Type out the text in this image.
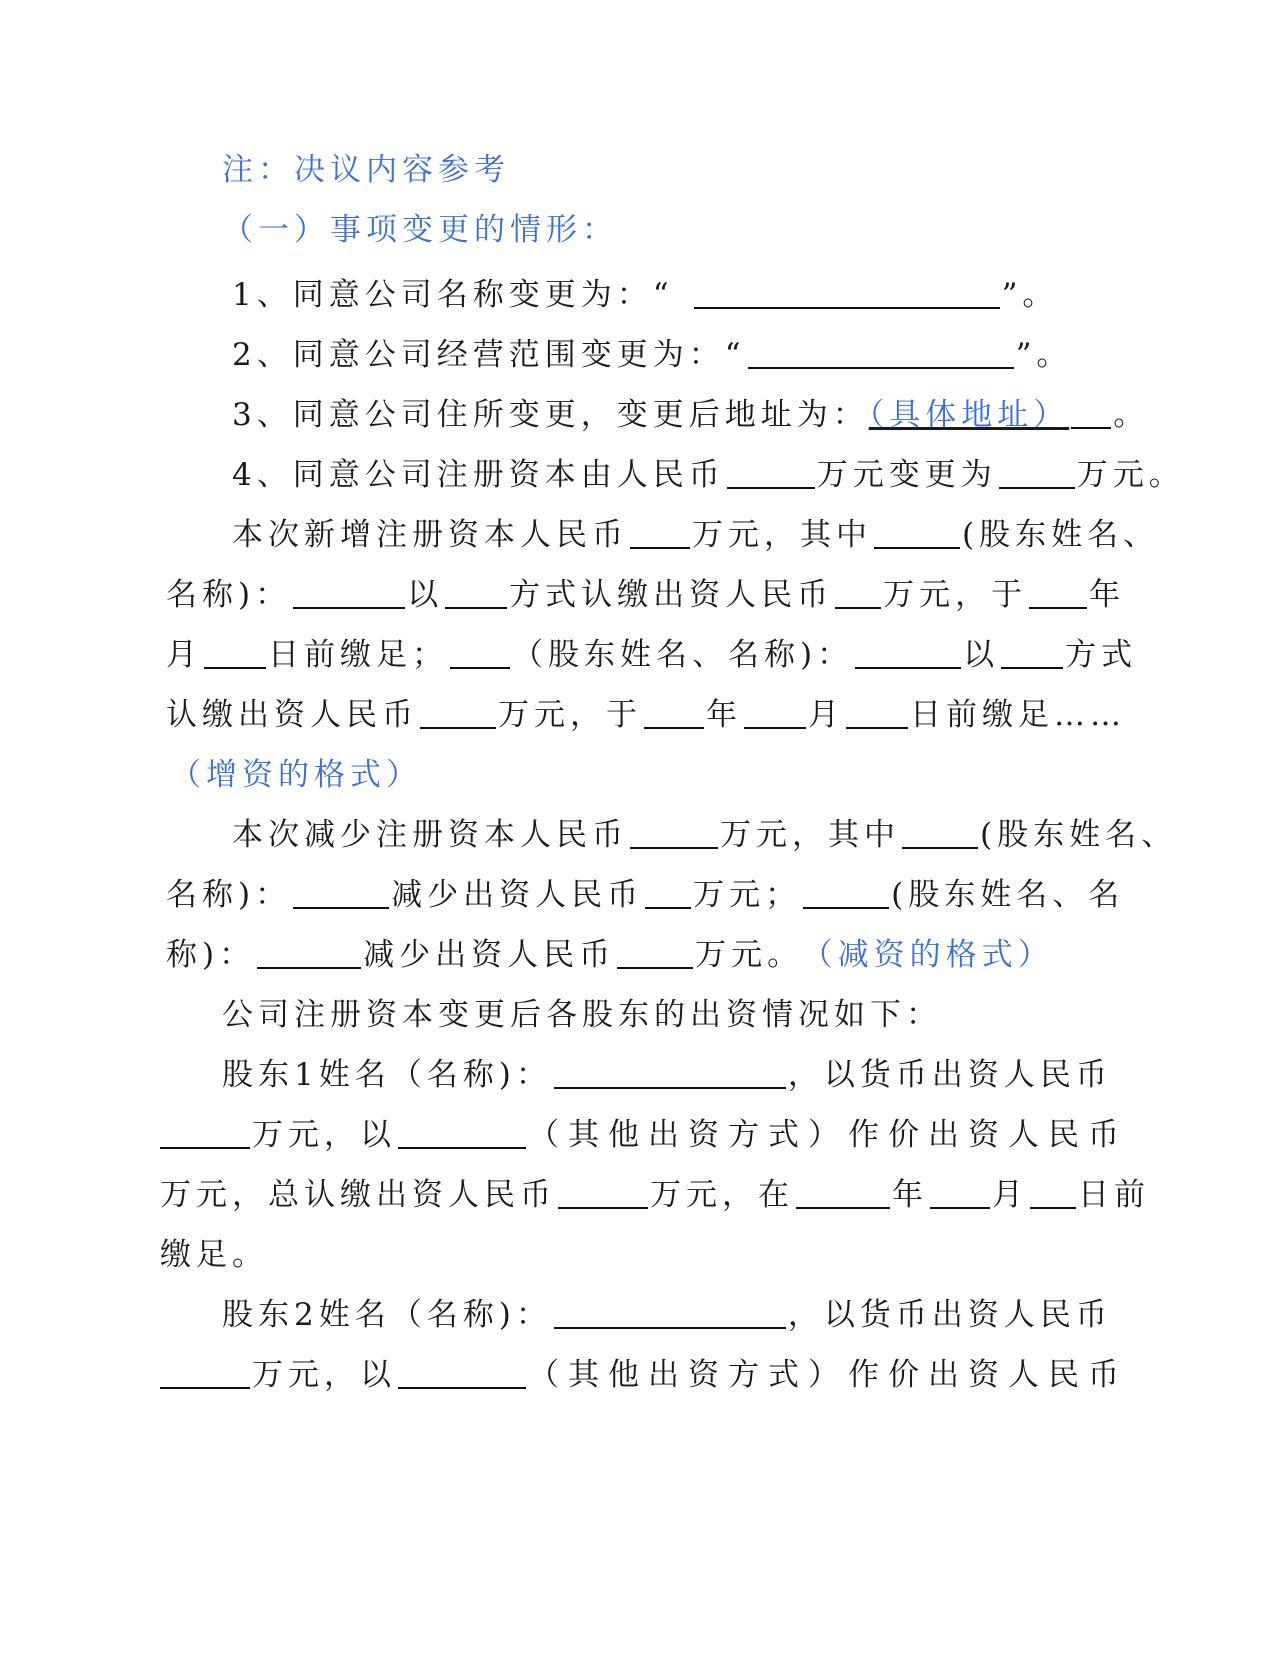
注：决议内容参考
（一）事项变更的情形：
1、同意公司名称变更为：“	”。
2、同意公司经营范围变更为：“	”。
3、同意公司住所变更，变更后地址为：（具体地址） 。
4、同意公司注册资本由人民币	万元变更为	万元。
本次新增注册资本人民币 万元，其中	(股东姓名、
名称)：	以 方式认缴出资人民币 万元，于 年
月 日前缴足； （股东姓名、名称)：	以 方式
认缴出资人民币	万元，于 年 月 日前缴足……
（增资的格式）
本次减少注册资本人民币	万元，其中	(股东姓名、
名称)：	减少出资人民币 万元；	(股东姓名、名
称)：	减少出资人民币	万元。 （减资的格式）
公司注册资本变更后各股东的出资情况如下：
股东1姓名（名称)：	，以货币出资人民币
万元，以	（其他出资方式）作价出资人民币
万元，总认缴出资人民币	万元，在	年 月 日前
缴足。
股东2姓名（名称)：	，以货币出资人民币
万元，以	（其他出资方式）作价出资人民币
